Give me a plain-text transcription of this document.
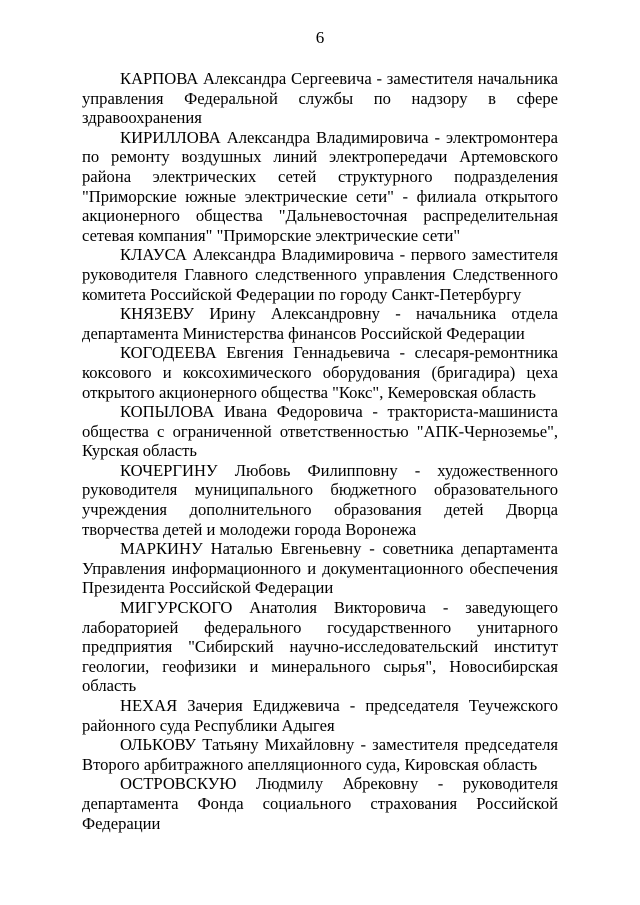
6

КАРПОВА Александра Сергеевича - заместителя начальника управления Федеральной службы по надзору в сфере здравоохранения

КИРИЛЛОВА Александра Владимировича - электромонтера по ремонту воздушных линий электропередачи Артемовского района электрических сетей структурного подразделения "Приморские южные электрические сети" - филиала открытого акционерного общества "Дальневосточная распределительная сетевая компания" "Приморские электрические сети"

КЛАУСА Александра Владимировича - первого заместителя руководителя Главного следственного управления Следственного комитета Российской Федерации по городу Санкт-Петербургу

КНЯЗЕВУ Ирину Александровну - начальника отдела департамента Министерства финансов Российской Федерации

КОГОДЕЕВА Евгения Геннадьевича - слесаря-ремонтника коксового и коксохимического оборудования (бригадира) цеха открытого акционерного общества "Кокс", Кемеровская область

КОПЫЛОВА Ивана Федоровича - тракториста-машиниста общества с ограниченной ответственностью "АПК-Черноземье", Курская область

КОЧЕРГИНУ Любовь Филипповну - художественного руководителя муниципального бюджетного образовательного учреждения дополнительного образования детей Дворца творчества детей и молодежи города Воронежа

МАРКИНУ Наталью Евгеньевну - советника департамента Управления информационного и документационного обеспечения Президента Российской Федерации

МИГУРСКОГО Анатолия Викторовича - заведующего лабораторией федерального государственного унитарного предприятия "Сибирский научно-исследовательский институт геологии, геофизики и минерального сырья", Новосибирская область

НЕХАЯ Зачерия Едиджевича - председателя Теучежского районного суда Республики Адыгея

ОЛЬКОВУ Татьяну Михайловну - заместителя председателя Второго арбитражного апелляционного суда, Кировская область

ОСТРОВСКУЮ Людмилу Абрековну - руководителя департамента Фонда социального страхования Российской Федерации
